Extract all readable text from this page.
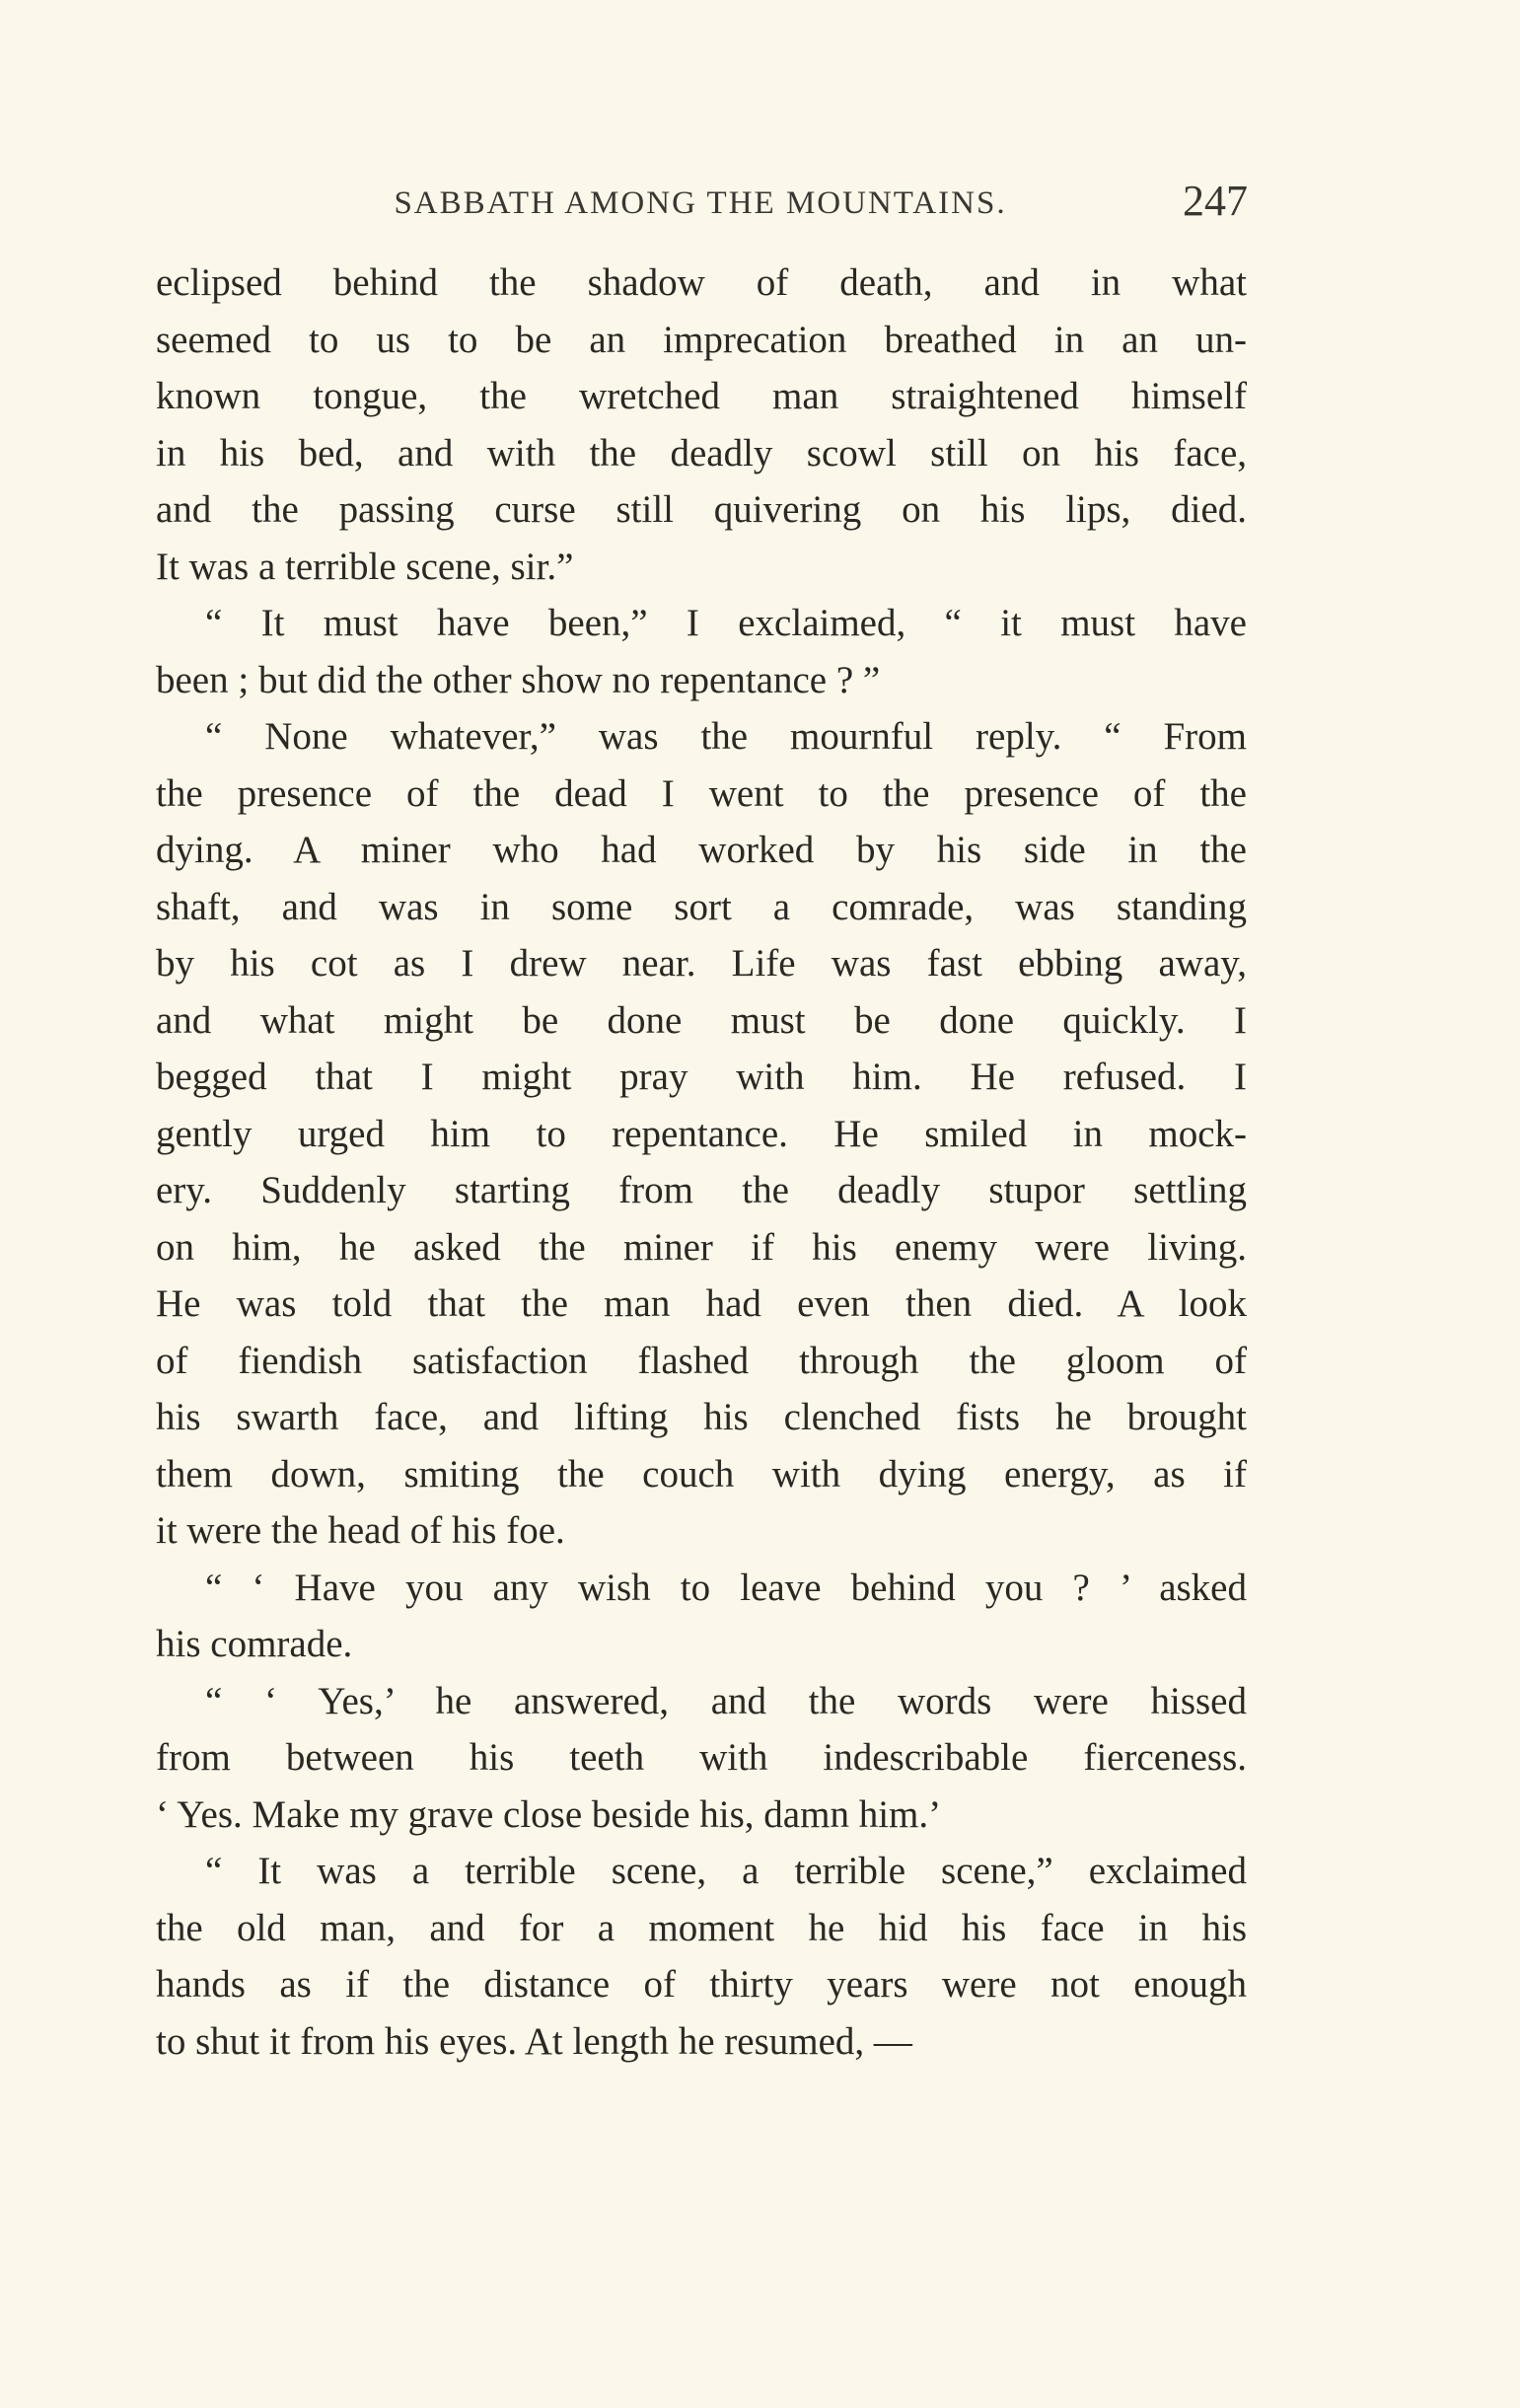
SABBATH AMONG THE MOUNTAINS.	247
eclipsed behind the shadow of death, and in what
seemed to us to be an imprecation breathed in an un-
known tongue, the wretched man straightened himself
in his bed, and with the deadly scowl still on his face,
and the passing curse still quivering on his lips, died.
It was a terrible scene, sir.”
“ It must have been,” I exclaimed, “ it must have
been ; but did the other show no repentance ? ”
“ None whatever,” was the mournful reply. “ From
the presence of the dead I went to the presence of the
dying. A miner who had worked by his side in the
shaft, and was in some sort a comrade, was standing
by his cot as I drew near. Life was fast ebbing away,
and what might be done must be done quickly. I
begged that I might pray with him. He refused. I
gently urged him to repentance. He smiled in mock-
ery. Suddenly starting from the deadly stupor settling
on him, he asked the miner if his enemy were living.
He was told that the man had even then died. A look
of fiendish satisfaction flashed through the gloom of
his swarth face, and lifting his clenched fists he brought
them down, smiting the couch with dying energy, as if
it were the head of his foe.
“ ‘ Have you any wish to leave behind you ? ’ asked
his comrade.
“ ‘ Yes,’ he answered, and the words were hissed
from between his teeth with indescribable fierceness.
‘ Yes. Make my grave close beside his, damn him.’
“ It was a terrible scene, a terrible scene,” exclaimed
the old man, and for a moment he hid his face in his
hands as if the distance of thirty years were not enough
to shut it from his eyes. At length he resumed, —
